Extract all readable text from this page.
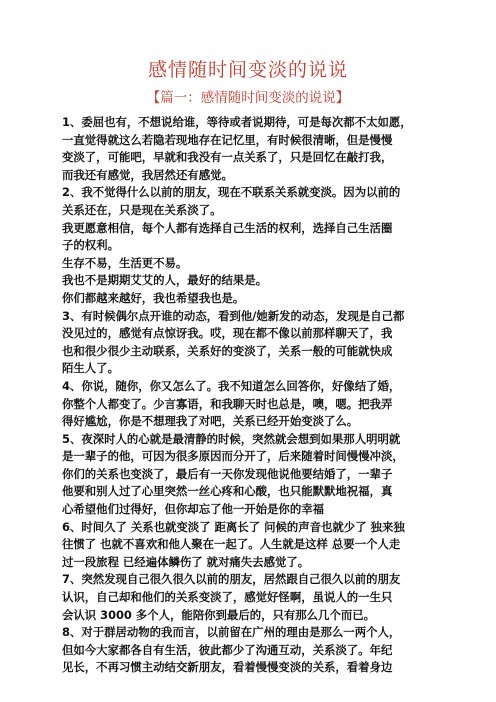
感情随时间变淡的说说
【篇一：感情随时间变淡的说说】
1、委屈也有，不想说给谁，等待或者说期待，可是每次都不太如愿，
一直觉得就这么若隐若现地存在记忆里，有时候很清晰，但是慢慢
变淡了，可能吧，早就和我没有一点关系了，只是回忆在敲打我，
而我还有感觉，我居然还有感觉。
2、我不觉得什么以前的朋友，现在不联系关系就变淡。因为以前的
关系还在，只是现在关系淡了。
我更愿意相信，每个人都有选择自己生活的权利，选择自己生活圈
子的权利。
生存不易，生活更不易。
我也不是期期艾艾的人，最好的结果是。
你们都越来越好，我也希望我也是。
3、有时候偶尔点开谁的动态，看到他/她新发的动态，发现是自己都
没见过的，感觉有点惊讶我。哎，现在都不像以前那样聊天了，我
也和很少很少主动联系，关系好的变淡了，关系一般的可能就快成
陌生人了。
4、你说，随你，你又怎么了。我不知道怎么回答你，好像结了婚，
你整个人都变了。少言寡语，和我聊天时也总是，噢，嗯。把我弄
得好尴尬，你是不想理我了对吧，关系已经开始变淡了么。
5、夜深时人的心就是最清静的时候，突然就会想到如果那人明明就
是一辈子的他，可因为很多原因而分开了，后来随着时间慢慢冲淡，
你们的关系也变淡了，最后有一天你发现他说他要结婚了，一辈子
他要和别人过了心里突然一丝心疼和心酸，也只能默默地祝福，真
心希望他们过得好，但你却忘了他一开始是你的幸福
6、时间久了 关系也就变淡了 距离长了 问候的声音也就少了 独来独
往惯了 也就不喜欢和他人聚在一起了。人生就是这样 总要一个人走
过一段旅程 已经遍体鳞伤了 就对痛失去感觉了。
7、突然发现自己很久很久以前的朋友，居然跟自己很久以前的朋友
认识，自己却和他们的关系变淡了，感觉好怪啊，虽说人的一生只
会认识 3000 多个人，能陪你到最后的，只有那么几个而已。
8、对于群居动物的我而言，以前留在广州的理由是那么一两个人，
但如今大家都各自有生活，彼此都少了沟通互动，关系淡了。年纪
见长，不再习惯主动结交新朋友，看着慢慢变淡的关系，看着身边
